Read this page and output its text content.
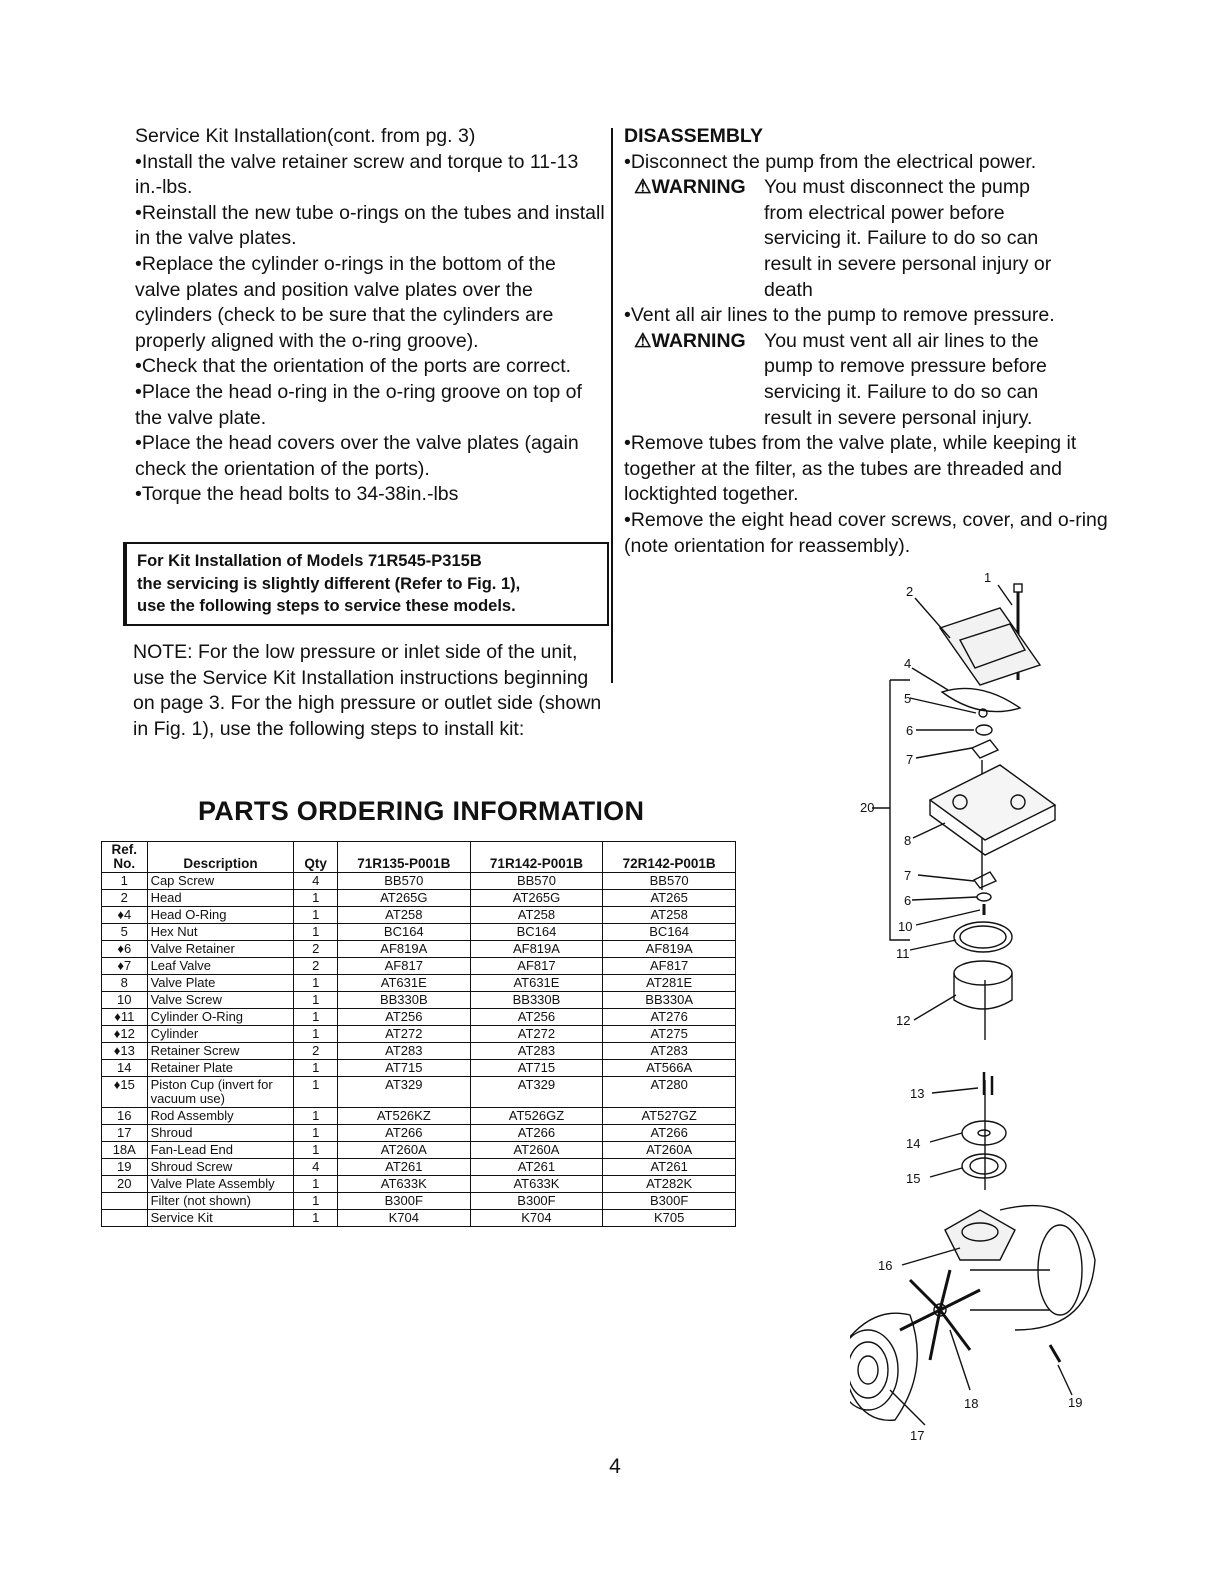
Service Kit Installation(cont. from pg. 3)

•Install the valve retainer screw and torque to 11-13 in.-lbs.

•Reinstall the new tube o-rings on the tubes and install in the valve plates.

•Replace the cylinder o-rings in the bottom of the valve plates and position valve plates over the cylinders (check to be sure that the cylinders are properly aligned with the o-ring groove).

•Check that the orientation of the ports are correct.

•Place the head o-ring in the o-ring groove on top of the valve plate.

•Place the head covers over the valve plates (again check the orientation of the ports).

•Torque the head bolts to 34-38in.-lbs

For Kit Installation of Models 71R545-P315B
the servicing is slightly different (Refer to Fig. 1),
use the following steps to service these models.

NOTE: For the low pressure or inlet side of the unit, use the Service Kit Installation instructions beginning on page 3. For the high pressure or outlet side (shown in Fig. 1), use the following steps to install kit:

DISASSEMBLY

•Disconnect the pump from the electrical power.

⚠WARNING You must disconnect the pump
from electrical power before
servicing it. Failure to do so can
result in severe personal injury or
death

•Vent all air lines to the pump to remove pressure.

⚠WARNING You must vent all air lines to the
pump to remove pressure before
servicing it. Failure to do so can
result in severe personal injury.

•Remove tubes from the valve plate, while keeping it together at the filter, as the tubes are threaded and locktighted together.

•Remove the eight head cover screws, cover, and o-ring (note orientation for reassembly).

PARTS ORDERING INFORMATION
Ref.
No.	Description	Qty	71R135-P001B	71R142-P001B	72R142-P001B
1	Cap Screw	4	BB570	BB570	BB570
2	Head	1	AT265G	AT265G	AT265
♦4	Head O-Ring	1	AT258	AT258	AT258
5	Hex Nut	1	BC164	BC164	BC164
♦6	Valve Retainer	2	AF819A	AF819A	AF819A
♦7	Leaf Valve	2	AF817	AF817	AF817
8	Valve Plate	1	AT631E	AT631E	AT281E
10	Valve Screw	1	BB330B	BB330B	BB330A
♦11	Cylinder O-Ring	1	AT256	AT256	AT276
♦12	Cylinder	1	AT272	AT272	AT275
♦13	Retainer Screw	2	AT283	AT283	AT283
14	Retainer Plate	1	AT715	AT715	AT566A
♦15	Piston Cup (invert for vacuum use)	1	AT329	AT329	AT280
16	Rod Assembly	1	AT526KZ	AT526GZ	AT527GZ
17	Shroud	1	AT266	AT266	AT266
18A	Fan-Lead End	1	AT260A	AT260A	AT260A
19	Shroud Screw	4	AT261	AT261	AT261
20	Valve Plate Assembly	1	AT633K	AT633K	AT282K
	Filter (not shown)	1	B300F	B300F	B300F
	Service Kit	1	K704	K704	K705
1
2
4
5
6
7
20
8
7
6
10
11
12
13
14
15
16
18
17
19
4
